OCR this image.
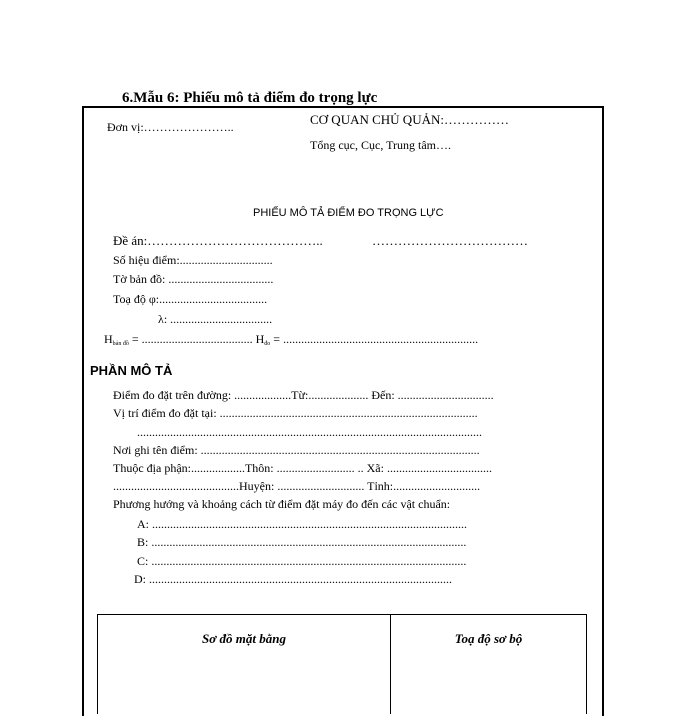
6.Mẫu 6: Phiếu mô tả điểm đo trọng lực
Đơn vị:…………………..	CƠ QUAN CHỦ QUẢN:……………
Tổng cục, Cục, Trung tâm….
PHIẾU MÔ TẢ ĐIỂM ĐO TRỌNG LỰC
Đề án:…………………………………..	………………………………
Số hiệu điểm:...............................
Tờ bản đồ: ...................................
Toạ độ φ:....................................
λ: ..................................
$H_{bản đồ}$ = ..................................... $H_{đo}$ = .................................................................
PHẦN MÔ TẢ
Điểm đo đặt trên đường: ...................Từ:.................... Đến: ................................
Vị trí điểm đo đặt tại: ......................................................................................
...................................................................................................................
Nơi ghi tên điểm: .............................................................................................
Thuộc địa phận:..................Thôn: .......................... .. Xã: ...................................
..........................................Huyện: ............................. Tỉnh:.............................
Phương hướng và khoảng cách từ điểm đặt máy đo đến các vật chuẩn:
A: .........................................................................................................
B: .........................................................................................................
C: .........................................................................................................
D: .....................................................................................................
Sơ đồ mặt bằng	Toạ độ sơ bộ
